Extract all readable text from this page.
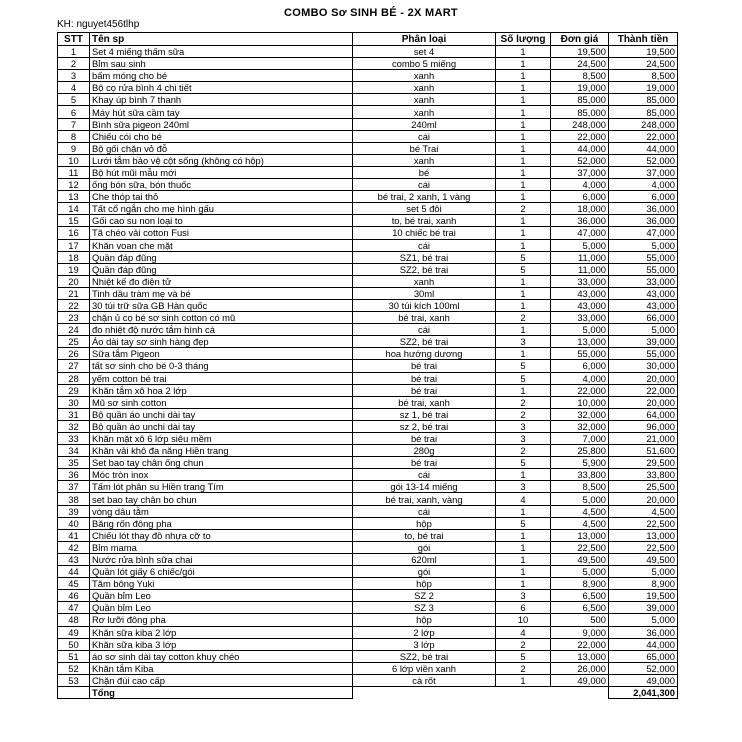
COMBO Sơ SINH BÉ - 2X MART
KH: nguyet456tlhp
STT	Tên sp	Phân loại	Số lượng	Đơn giá	Thành tiền
1	Set 4 miếng thấm sữa	set 4	1	19,500	19,500
2	Bỉm sau sinh	combo 5 miếng	1	24,500	24,500
3	bấm móng cho bé	xanh	1	8,500	8,500
4	Bộ cọ rửa bình 4 chi tiết	xanh	1	19,000	19,000
5	Khay úp bình 7 thanh	xanh	1	85,000	85,000
6	Máy hút sữa cầm tay	xanh	1	85,000	85,000
7	Bình sữa pigeon 240ml	240ml	1	248,000	248,000
8	Chiếu cói cho bé	cái	1	22,000	22,000
9	Bộ gối chặn vỏ đỗ	bé Trai	1	44,000	44,000
10	Lưới tắm bảo vệ cột sống (không có hộp)	xanh	1	52,000	52,000
11	Bộ hút mũi mẫu mới	bé	1	37,000	37,000
12	ống bón sữa, bón thuốc	cái	1	4,000	4,000
13	Che thóp tai thỏ	bé trai, 2 xanh, 1 vàng	1	6,000	6,000
14	Tất cổ ngắn cho mẹ hình gấu	set 5 đôi	2	18,000	36,000
15	Gối cao su non loại to	to, bé trai, xanh	1	36,000	36,000
16	Tã chéo vải cotton Fusi	10 chiếc bé trai	1	47,000	47,000
17	Khăn voan che mặt	cái	1	5,000	5,000
18	Quần đáp đũng	SZ1, bé trai	5	11,000	55,000
19	Quần đáp đũng	SZ2, bé trai	5	11,000	55,000
20	Nhiệt kế đo điện tử	xanh	1	33,000	33,000
21	Tinh dầu tràm mẹ và bé	30ml	1	43,000	43,000
22	30 túi trữ sữa GB Hàn quốc	30 túi kích 100ml	1	43,000	43,000
23	chặn ủ cọ bé sơ sinh cotton có mũ	bé trai, xanh	2	33,000	66,000
24	đo nhiệt độ nước tắm hình cá	cái	1	5,000	5,000
25	Áo dài tay sơ sinh hàng đẹp	SZ2, bé trai	3	13,000	39,000
26	Sữa tắm Pigeon	hoa hướng dương	1	55,000	55,000
27	tất sơ sinh cho bé 0-3 tháng	bé trai	5	6,000	30,000
28	yếm cotton bé trai	bé trai	5	4,000	20,000
29	Khăn tắm xô hoa 2 lớp	bé trai	1	22,000	22,000
30	Mũ sơ sinh cotton	bé trai, xanh	2	10,000	20,000
31	Bộ quần áo unchi dài tay	sz 1, bé trai	2	32,000	64,000
32	Bộ quần áo unchi dài tay	sz 2, bé trai	3	32,000	96,000
33	Khăn mặt xô 6 lớp siêu mềm	bé trai	3	7,000	21,000
34	Khăn vải khô đa năng Hiền trang	280g	2	25,800	51,600
35	Set bao tay chân ống chun	bé trai	5	5,900	29,500
36	Móc tròn inox	cái	1	33,800	33,800
37	Tấm lót phân su Hiền trang Tím	gói 13-14 miếng	3	8,500	25,500
38	set bao tay chân bo chun	bé trai, xanh, vàng	4	5,000	20,000
39	vòng dâu tằm	cái	1	4,500	4,500
40	Băng rốn đông pha	hộp	5	4,500	22,500
41	Chiếu lót thay đồ nhựa cỡ to	to, bé trai	1	13,000	13,000
42	Bỉm mama	gói	1	22,500	22,500
43	Nước rửa bình sữa chai	620ml	1	49,500	49,500
44	Quần lót giấy 6 chiếc/gói	gói	1	5,000	5,000
45	Tăm bông Yuki	hộp	1	8,900	8,900
46	Quần bỉm Leo	SZ 2	3	6,500	19,500
47	Quần bỉm Leo	SZ 3	6	6,500	39,000
48	Rơ lưỡi đông pha	hộp	10	500	5,000
49	Khăn sữa kiba 2 lớp	2 lớp	4	9,000	36,000
50	Khăn sữa kiba 3 lớp	3 lớp	2	22,000	44,000
51	áo sơ sinh dài tay cotton khuy chéo	SZ2, bé trai	5	13,000	65,000
52	Khăn tắm Kiba	6 lớp viền xanh	2	26,000	52,000
53	Chặn đùi cao cấp	cà rốt	1	49,000	49,000
	Tổng				2,041,300
